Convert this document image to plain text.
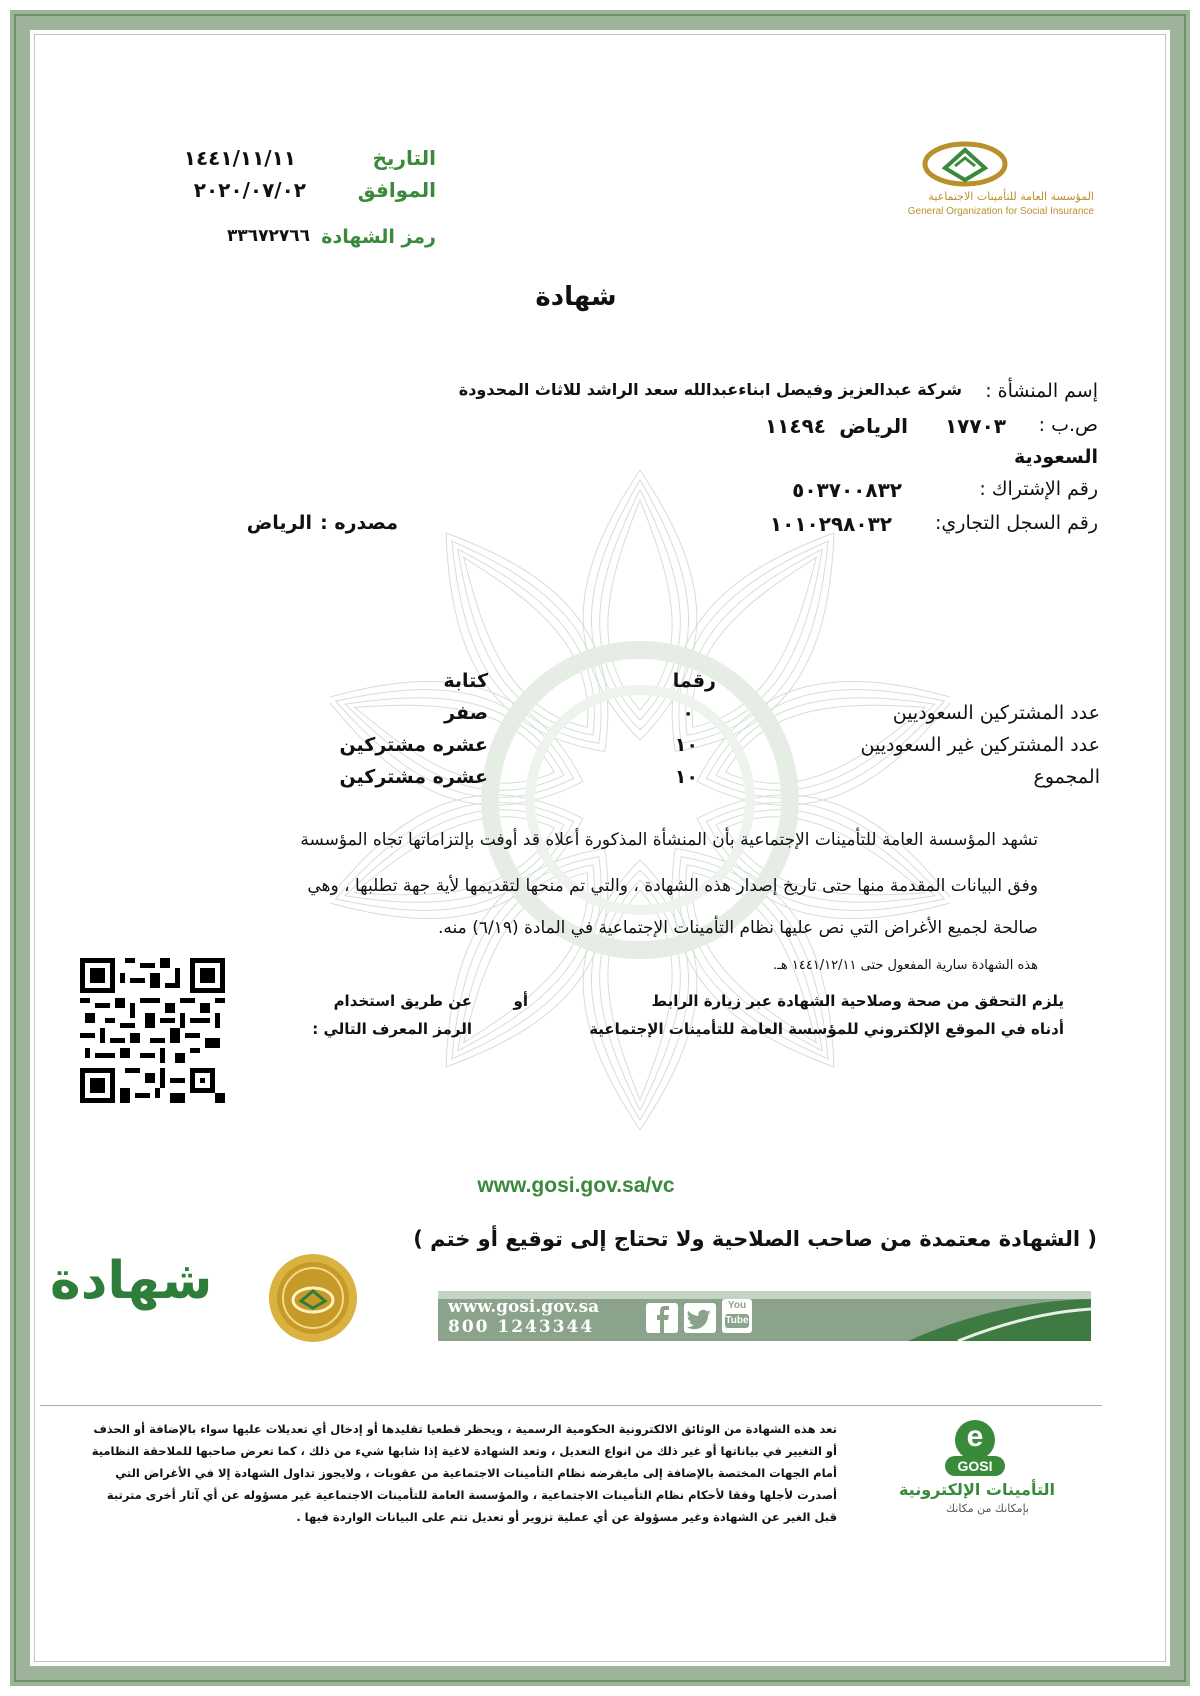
التاريخ
١٤٤١/١١/١١
الموافق
٢٠٢٠/٠٧/٠٢
رمز الشهادة
٣٣٦٧٢٧٦٦
المؤسسة العامة للتأمينات الاجتماعية
General Organization for Social Insurance
شهادة
إسم المنشأة :
شركة عبدالعزيز وفيصل ابناءعبدالله سعد الراشد للاثاث المحدودة
ص.ب :
١٧٧٠٣
الرياض
١١٤٩٤
السعودية
رقم الإشتراك :
٥٠٣٧٠٠٨٣٢
رقم السجل التجاري:
١٠١٠٢٩٨٠٣٢
مصدره :
الرياض
رقما
كتابة
عدد المشتركين السعوديين
٠
صفر
عدد المشتركين غير السعوديين
١٠
عشره مشتركين
المجموع
١٠
عشره مشتركين
تشهد المؤسسة العامة للتأمينات الإجتماعية بأن المنشأة المذكورة أعلاه قد أوفت بإلتزاماتها تجاه المؤسسة
وفق البيانات المقدمة منها حتى تاريخ إصدار هذه الشهادة ، والتي تم منحها لتقديمها لأية جهة تطلبها ، وهي
صالحة لجميع الأغراض التي نص عليها نظام التأمينات الإجتماعية في المادة (٦/١٩) منه.
هذه الشهادة سارية المفعول حتى ١٤٤١/١٢/١١ هـ.
يلزم التحقق من صحة وصلاحية الشهادة عبر زيارة الرابط
أدناه في الموقع الإلكتروني للمؤسسة العامة للتأمينات الإجتماعية
أو
عن طريق استخدام
الرمز المعرف التالي :
www.gosi.gov.sa/vc
( الشهادة معتمدة من صاحب الصلاحية ولا تحتاج إلى توقيع أو ختم )
شهادة	www.gosi.gov.sa
800 1243344
You
Tube
تعد هذه الشهادة من الوثائق الالكترونية الحكومية الرسمية ، ويحظر قطعيا تقليدها أو إدخال أي تعديلات عليها سواء بالإضافة أو الحذف
أو التغيير في بياناتها أو غير ذلك من انواع التعديل ، وتعد الشهادة لاغية إذا شابها شيء من ذلك ، كما تعرض صاحبها للملاحقة النظامية
أمام الجهات المختصة بالإضافة إلى مايفرضه نظام التأمينات الاجتماعية من عقوبات ، ولايجوز تداول الشهادة إلا في الأغراض التي
أصدرت لأجلها وفقا لأحكام نظام التأمينات الاجتماعية ، والمؤسسة العامة للتأمينات الاجتماعية غير مسؤوله عن أي آثار أخرى مترتبة
قبل الغير عن الشهادة وغير مسؤولة عن أي عملية تزوير أو تعديل تتم على البيانات الواردة فيها .
e
GOSI
التأمينات الإلكترونية
بإمكانك من مكانك
